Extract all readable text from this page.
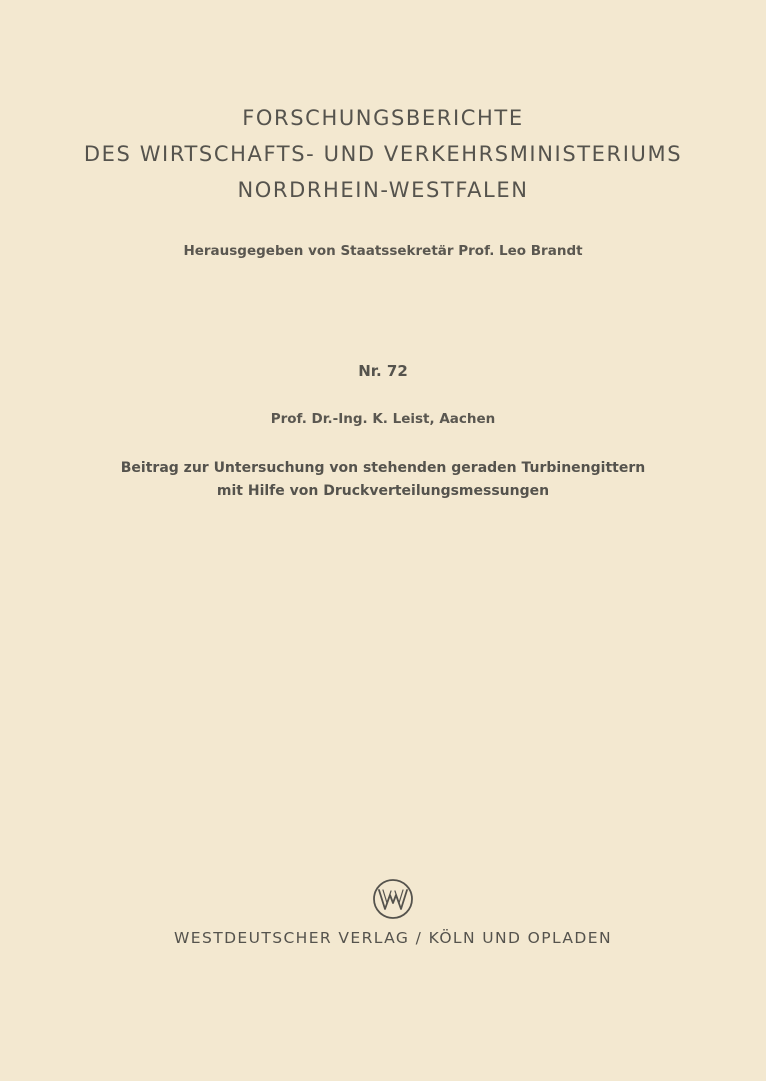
FORSCHUNGSBERICHTE
DES WIRTSCHAFTS- UND VERKEHRSMINISTERIUMS
NORDRHEIN-WESTFALEN
Herausgegeben von Staatssekretär Prof. Leo Brandt
Nr. 72
Prof. Dr.-Ing. K. Leist, Aachen
Beitrag zur Untersuchung von stehenden geraden Turbinengittern
mit Hilfe von Druckverteilungsmessungen
WESTDEUTSCHER VERLAG / KÖLN UND OPLADEN
